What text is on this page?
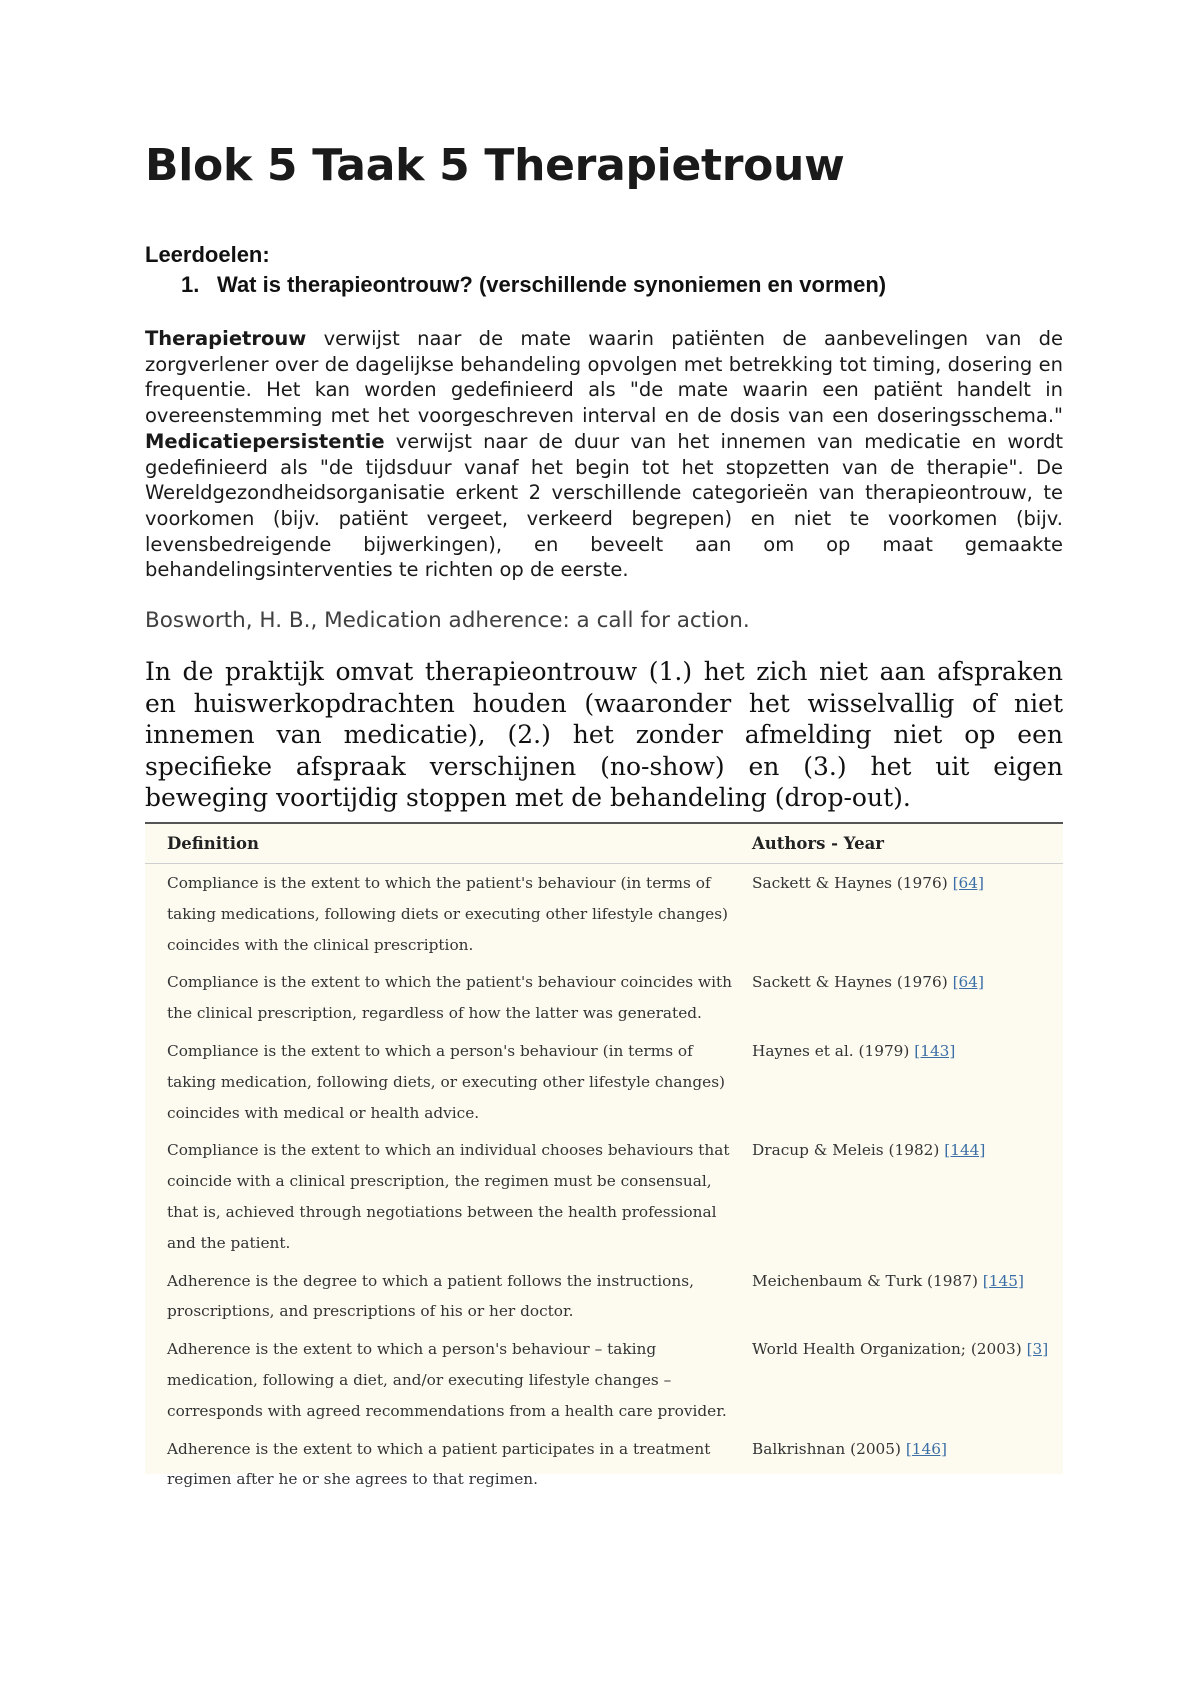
Blok 5 Taak 5 Therapietrouw
Leerdoelen:
1. Wat is therapieontrouw? (verschillende synoniemen en vormen)

Therapietrouw verwijst naar de mate waarin patiënten de aanbevelingen van de zorgverlener over de dagelijkse behandeling opvolgen met betrekking tot timing, dosering en frequentie. Het kan worden gedefinieerd als "de mate waarin een patiënt handelt in overeenstemming met het voorgeschreven interval en de dosis van een doseringsschema." Medicatiepersistentie verwijst naar de duur van het innemen van medicatie en wordt gedefinieerd als "de tijdsduur vanaf het begin tot het stopzetten van de therapie". De Wereldgezondheidsorganisatie erkent 2 verschillende categorieën van therapieontrouw, te voorkomen (bijv. patiënt vergeet, verkeerd begrepen) en niet te voorkomen (bijv. levensbedreigende bijwerkingen), en beveelt aan om op maat gemaakte behandelingsinterventies te richten op de eerste.

Bosworth, H. B., Medication adherence: a call for action.

In de praktijk omvat therapieontrouw (1.) het zich niet aan afspraken en huiswerkopdrachten houden (waaronder het wisselvallig of niet innemen van medicatie), (2.) het zonder afmelding niet op een specifieke afspraak verschijnen (no-show) en (3.) het uit eigen beweging voortijdig stoppen met de behandeling (drop-out).

Definition	Authors - Year
Compliance is the extent to which the patient's behaviour (in terms of taking medications, following diets or executing other lifestyle changes) coincides with the clinical prescription.	Sackett & Haynes (1976) [64]
Compliance is the extent to which the patient's behaviour coincides with the clinical prescription, regardless of how the latter was generated.	Sackett & Haynes (1976) [64]
Compliance is the extent to which a person's behaviour (in terms of taking medication, following diets, or executing other lifestyle changes) coincides with medical or health advice.	Haynes et al. (1979) [143]
Compliance is the extent to which an individual chooses behaviours that coincide with a clinical prescription, the regimen must be consensual, that is, achieved through negotiations between the health professional and the patient.	Dracup & Meleis (1982) [144]
Adherence is the degree to which a patient follows the instructions, proscriptions, and prescriptions of his or her doctor.	Meichenbaum & Turk (1987) [145]
Adherence is the extent to which a person's behaviour – taking medication, following a diet, and/or executing lifestyle changes – corresponds with agreed recommendations from a health care provider.	World Health Organization; (2003) [3]
Adherence is the extent to which a patient participates in a treatment regimen after he or she agrees to that regimen.	Balkrishnan (2005) [146]
